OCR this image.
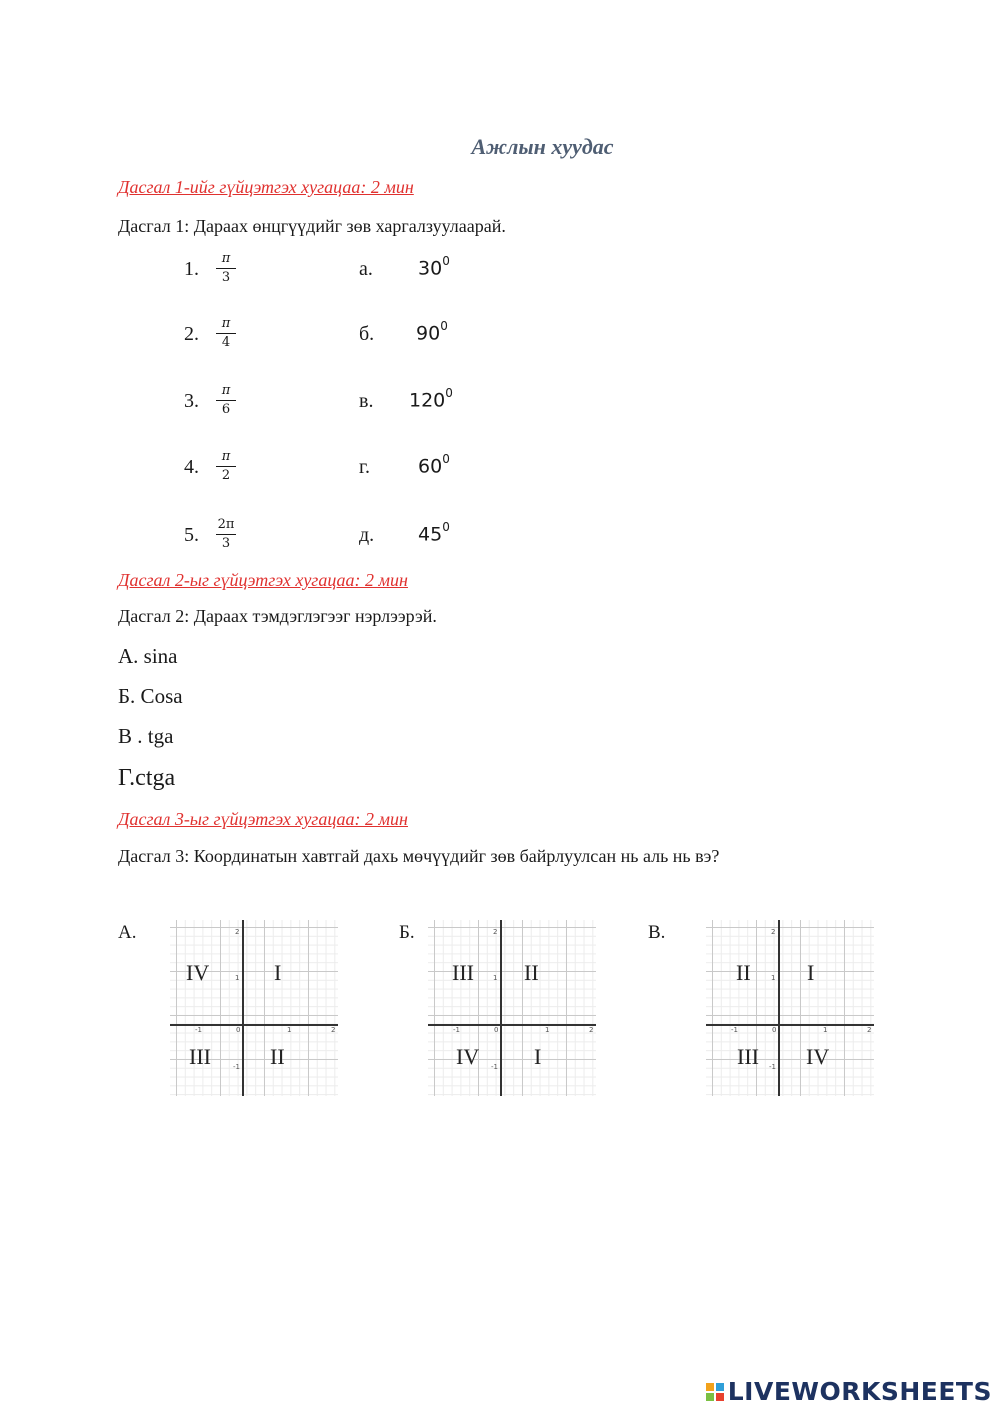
Ажлын хуудас
Дасгал 1-ийг гүйцэтгэх хугацаа: 2 мин
Дасгал 1: Дараах өнцгүүдийг зөв харгалзуулаарай.
1. π
3	а. $30^0$
2. π
4	б. $90^0$
3. π
6	в. $120^0$
4. π
2	г.	$60^0$
5. 2π
3	д. $45^0$
Дасгал 2-ыг гүйцэтгэх хугацаа: 2 мин
Дасгал 2: Дараах тэмдэглэгээг нэрлээрэй.
А. sina
Б. Cosa
В . tga
Г.ctga
Дасгал 3-ыг гүйцэтгэх хугацаа: 2 мин
Дасгал 3: Координатын хавтгай дахь мөчүүдийг зөв байрлуулсан нь аль нь вэ?
А.
-1	0	1	2
2
1
-1
IV	I
III	II
Б.
-1	0	1	2
2
1
-1
III II
IV I
В.
-1	0	1	2
2
1
-1
II	I
III IV
LIVEWORKSHEETS
